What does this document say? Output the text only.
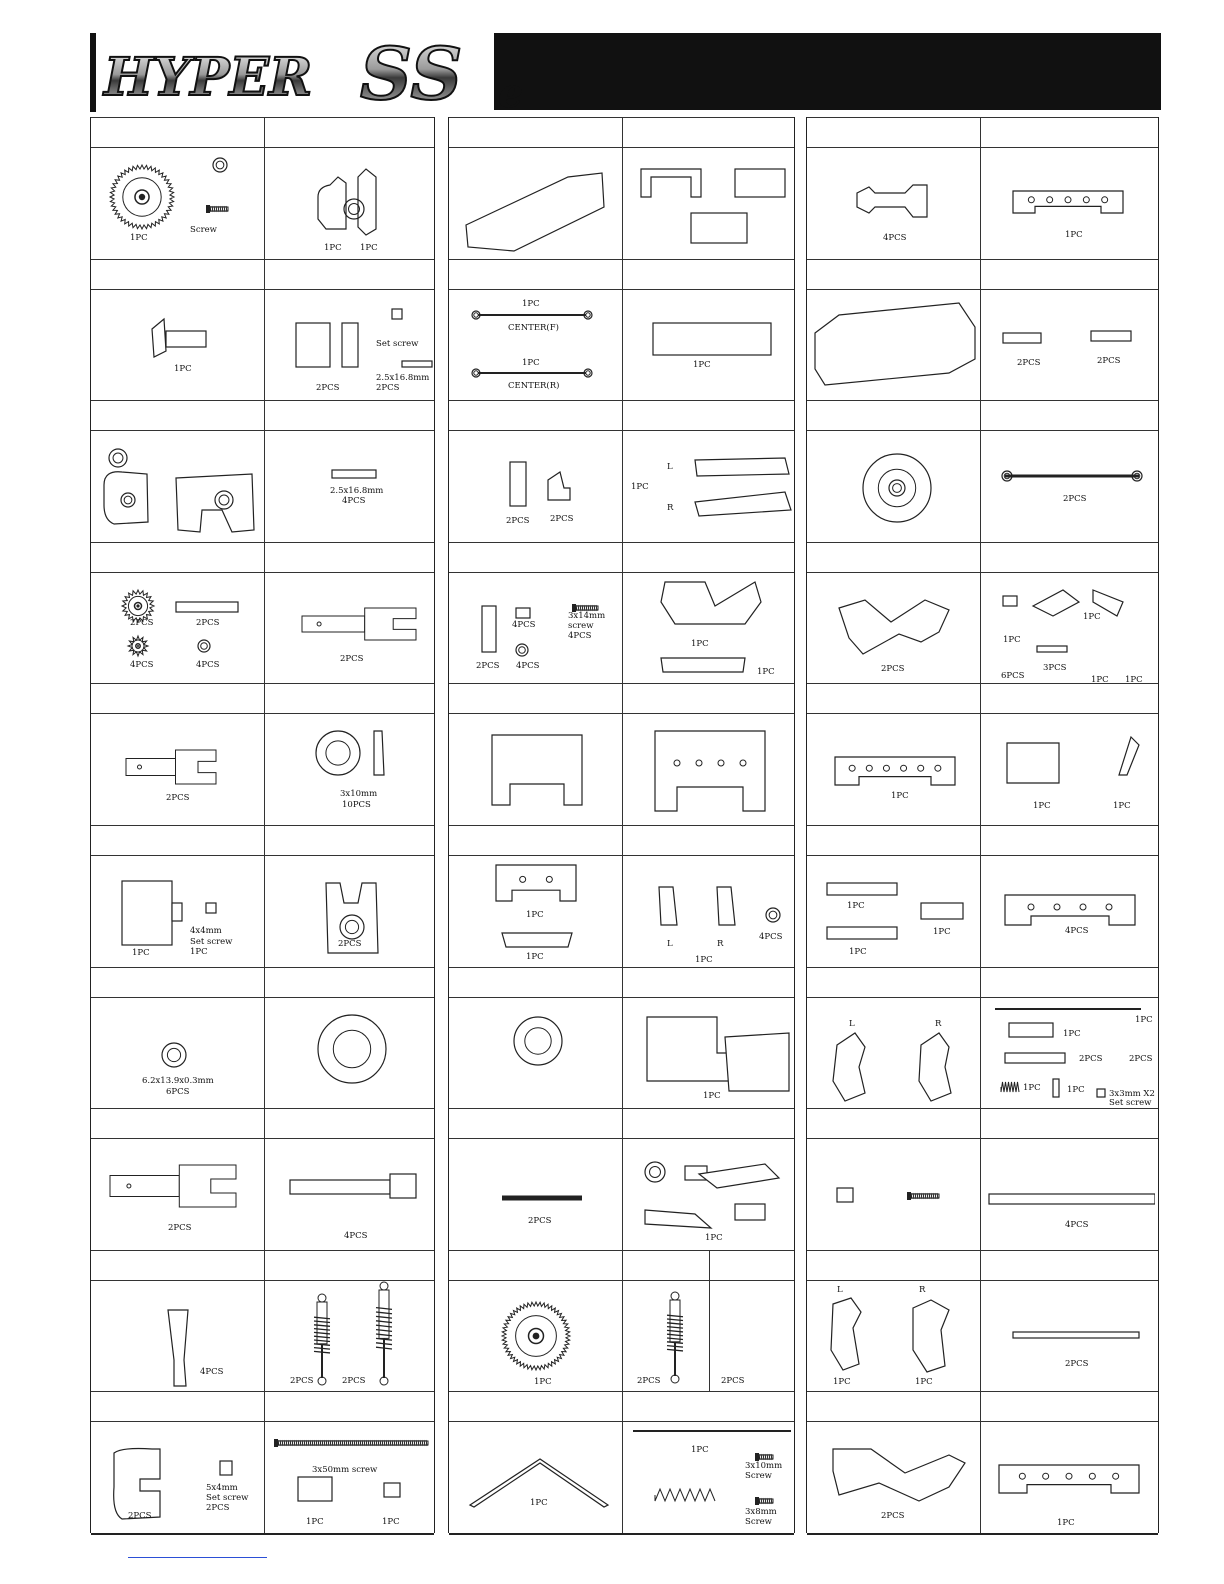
HYPER SS e
1PC
Screw
1PC
2PCS	2PCS
4PCS	4PCS
2PCS
4x4mm
Set screw
1PC
1PC
6.2x13.9x0.3mm
6PCS
2PCS
4PCS
5x4mm
Set screw
2PCS
2PCS
1PC 1PC
Set screw
2.5x16.8mm
2PCS
2PCS
2.5x16.8mm
4PCS
2PCS
3x10mm
10PCS
2PCS
4PCS
2PCS	2PCS
3x50mm screw
1PC	1PC
1PC
CENTER(F)
1PC
CENTER(R)
2PCS 2PCS
4PCS
3x14mm
screw
4PCS
2PCS 4PCS
1PC
1PC
2PCS
1PC
1PC
1PC
1PC
L
R
1PC
1PC
1PC
L	R
4PCS
1PC
1PC
2PCS	2PCS
1PC
3x10mm
Screw
3x8mm
Screw
4PCS
2PCS
1PC
1PC
1PC
1PC
L	R
L	R
1PC	1PC
2PCS
1PC
2PCS	2PCS
2PCS
1PC
1PC
6PCS
3PCS
1PC 1PC
1PC	1PC
4PCS
1PC
1PC
2PCS	2PCS
1PC	1PC	3x3mm X2
Set screw
4PCS
2PCS
1PC
